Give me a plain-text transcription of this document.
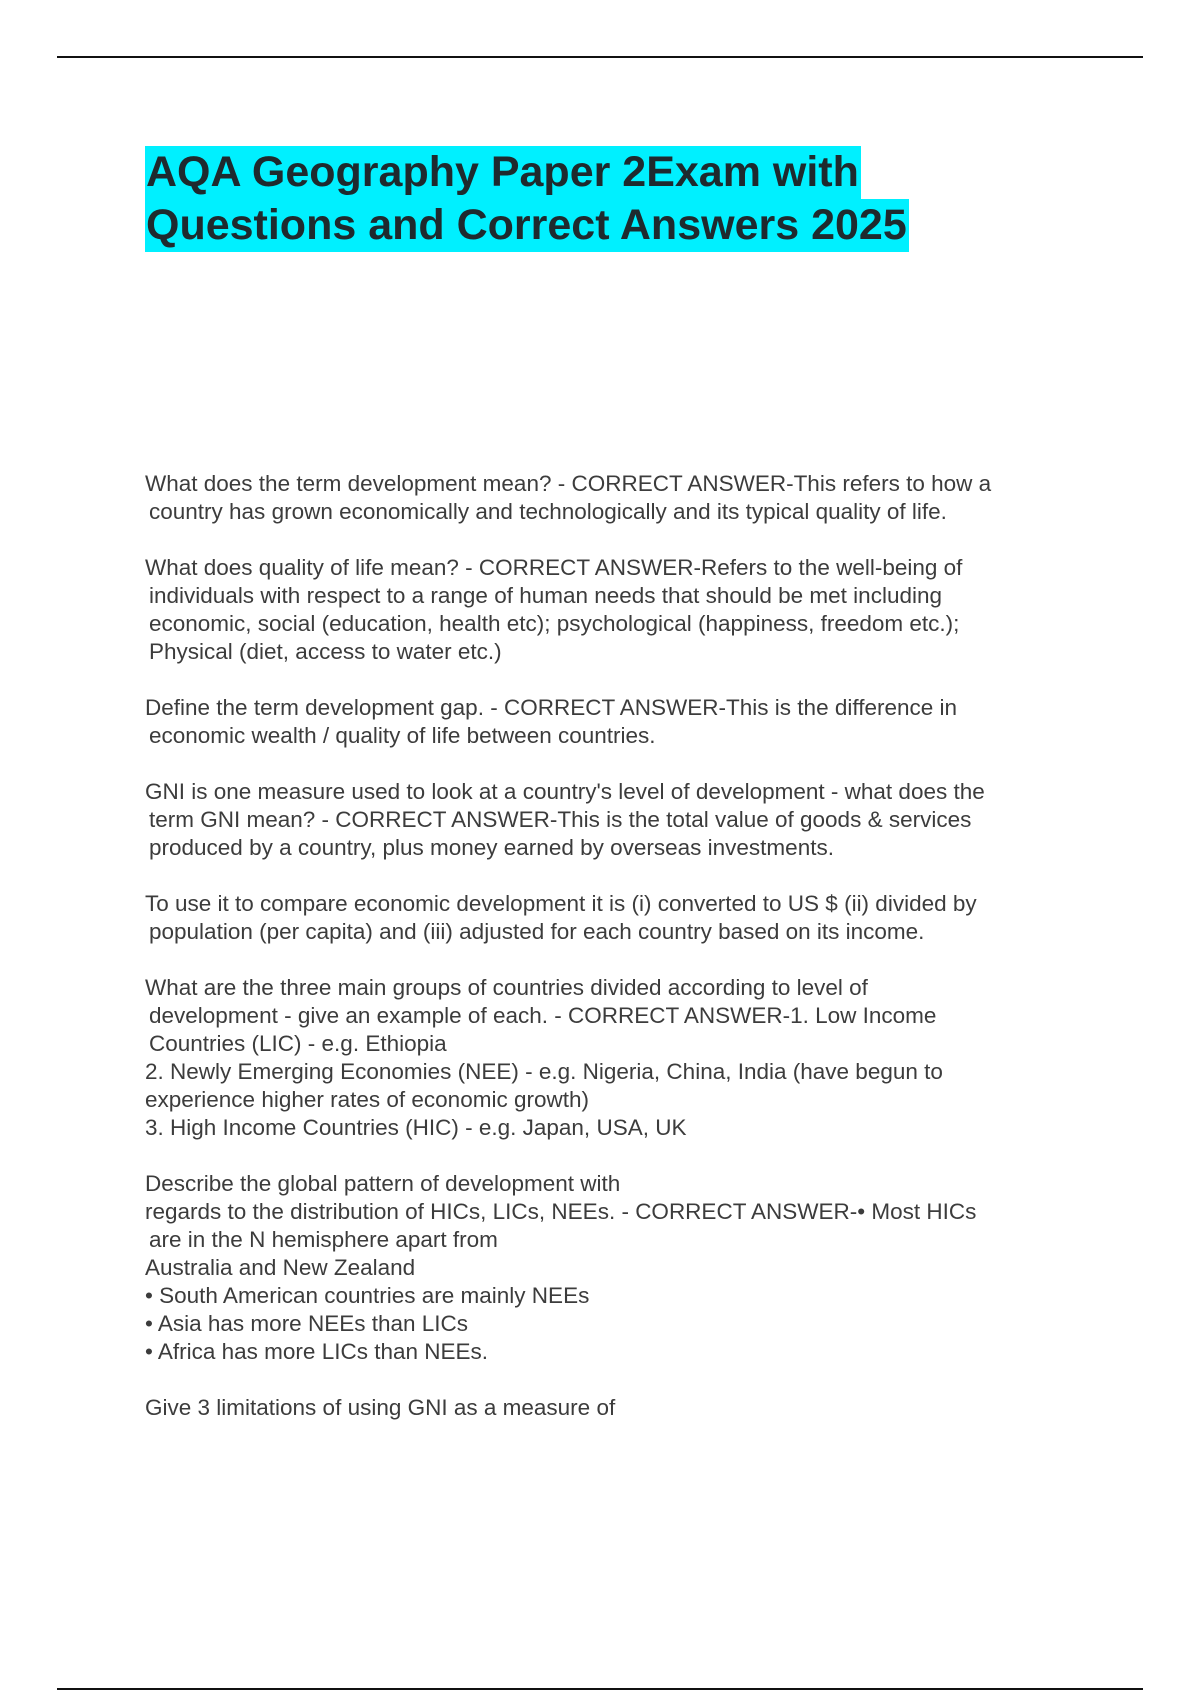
AQA Geography Paper 2Exam with
Questions and Correct Answers 2025
What does the term development mean? - CORRECT ANSWER-This refers to how a
country has grown economically and technologically and its typical quality of life.
What does quality of life mean? - CORRECT ANSWER-Refers to the well-being of
individuals with respect to a range of human needs that should be met including
economic, social (education, health etc); psychological (happiness, freedom etc.);
Physical (diet, access to water etc.)
Define the term development gap. - CORRECT ANSWER-This is the difference in
economic wealth / quality of life between countries.
GNI is one measure used to look at a country's level of development - what does the
term GNI mean? - CORRECT ANSWER-This is the total value of goods & services
produced by a country, plus money earned by overseas investments.
To use it to compare economic development it is (i) converted to US $ (ii) divided by
population (per capita) and (iii) adjusted for each country based on its income.
What are the three main groups of countries divided according to level of
development - give an example of each. - CORRECT ANSWER-1. Low Income
Countries (LIC) - e.g. Ethiopia
2. Newly Emerging Economies (NEE) - e.g. Nigeria, China, India (have begun to
experience higher rates of economic growth)
3. High Income Countries (HIC) - e.g. Japan, USA, UK
Describe the global pattern of development with
regards to the distribution of HICs, LICs, NEEs. - CORRECT ANSWER-• Most HICs
are in the N hemisphere apart from
Australia and New Zealand
• South American countries are mainly NEEs
• Asia has more NEEs than LICs
• Africa has more LICs than NEEs.
Give 3 limitations of using GNI as a measure of
